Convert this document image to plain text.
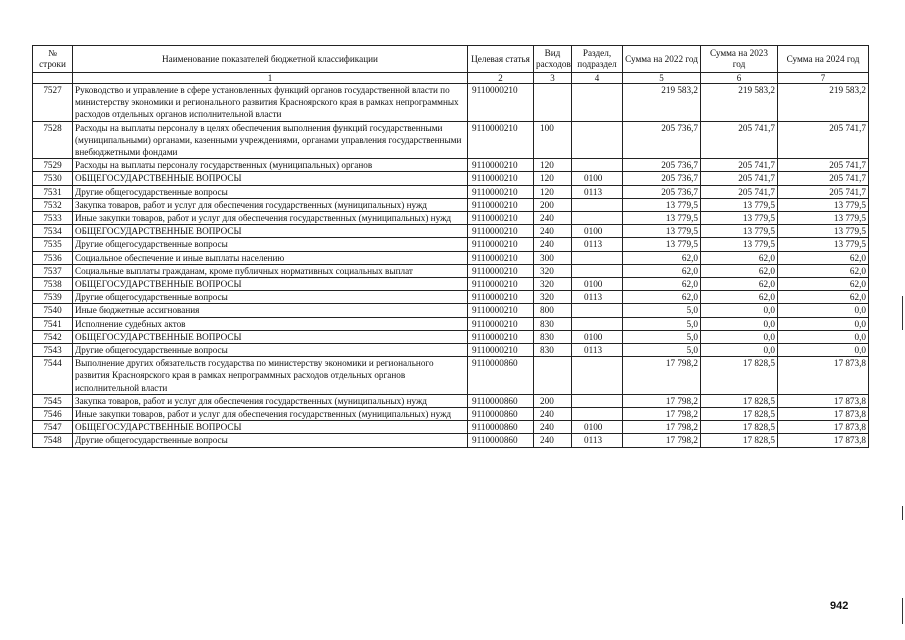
№ строки	Наименование показателей бюджетной классификации	Целевая статья	Вид расходов	Раздел, подраздел	Сумма на 2022 год	Сумма на 2023 год	Сумма на 2024 год
	1	2	3	4	5	6	7
7527	Руководство и управление в сфере установленных функций органов государственной власти по министерству экономики и регионального развития Красноярского края в рамках непрограммных расходов отдельных органов исполнительной власти	9110000210			219 583,2	219 583,2	219 583,2
7528	Расходы на выплаты персоналу в целях обеспечения выполнения функций государственными (муниципальными) органами, казенными учреждениями, органами управления государственными внебюджетными фондами	9110000210	100		205 736,7	205 741,7	205 741,7
7529	Расходы на выплаты персоналу государственных (муниципальных) органов	9110000210	120		205 736,7	205 741,7	205 741,7
7530	ОБЩЕГОСУДАРСТВЕННЫЕ ВОПРОСЫ	9110000210	120	0100	205 736,7	205 741,7	205 741,7
7531	Другие общегосударственные вопросы	9110000210	120	0113	205 736,7	205 741,7	205 741,7
7532	Закупка товаров, работ и услуг для обеспечения государственных (муниципальных) нужд	9110000210	200		13 779,5	13 779,5	13 779,5
7533	Иные закупки товаров, работ и услуг для обеспечения государственных (муниципальных) нужд	9110000210	240		13 779,5	13 779,5	13 779,5
7534	ОБЩЕГОСУДАРСТВЕННЫЕ ВОПРОСЫ	9110000210	240	0100	13 779,5	13 779,5	13 779,5
7535	Другие общегосударственные вопросы	9110000210	240	0113	13 779,5	13 779,5	13 779,5
7536	Социальное обеспечение и иные выплаты населению	9110000210	300		62,0	62,0	62,0
7537	Социальные выплаты гражданам, кроме публичных нормативных социальных выплат	9110000210	320		62,0	62,0	62,0
7538	ОБЩЕГОСУДАРСТВЕННЫЕ ВОПРОСЫ	9110000210	320	0100	62,0	62,0	62,0
7539	Другие общегосударственные вопросы	9110000210	320	0113	62,0	62,0	62,0
7540	Иные бюджетные ассигнования	9110000210	800		5,0	0,0	0,0
7541	Исполнение судебных актов	9110000210	830		5,0	0,0	0,0
7542	ОБЩЕГОСУДАРСТВЕННЫЕ ВОПРОСЫ	9110000210	830	0100	5,0	0,0	0,0
7543	Другие общегосударственные вопросы	9110000210	830	0113	5,0	0,0	0,0
7544	Выполнение других обязательств государства по министерству экономики и регионального развития Красноярского края в рамках непрограммных расходов отдельных органов исполнительной власти	9110000860			17 798,2	17 828,5	17 873,8
7545	Закупка товаров, работ и услуг для обеспечения государственных (муниципальных) нужд	9110000860	200		17 798,2	17 828,5	17 873,8
7546	Иные закупки товаров, работ и услуг для обеспечения государственных (муниципальных) нужд	9110000860	240		17 798,2	17 828,5	17 873,8
7547	ОБЩЕГОСУДАРСТВЕННЫЕ ВОПРОСЫ	9110000860	240	0100	17 798,2	17 828,5	17 873,8
7548	Другие общегосударственные вопросы	9110000860	240	0113	17 798,2	17 828,5	17 873,8
942
